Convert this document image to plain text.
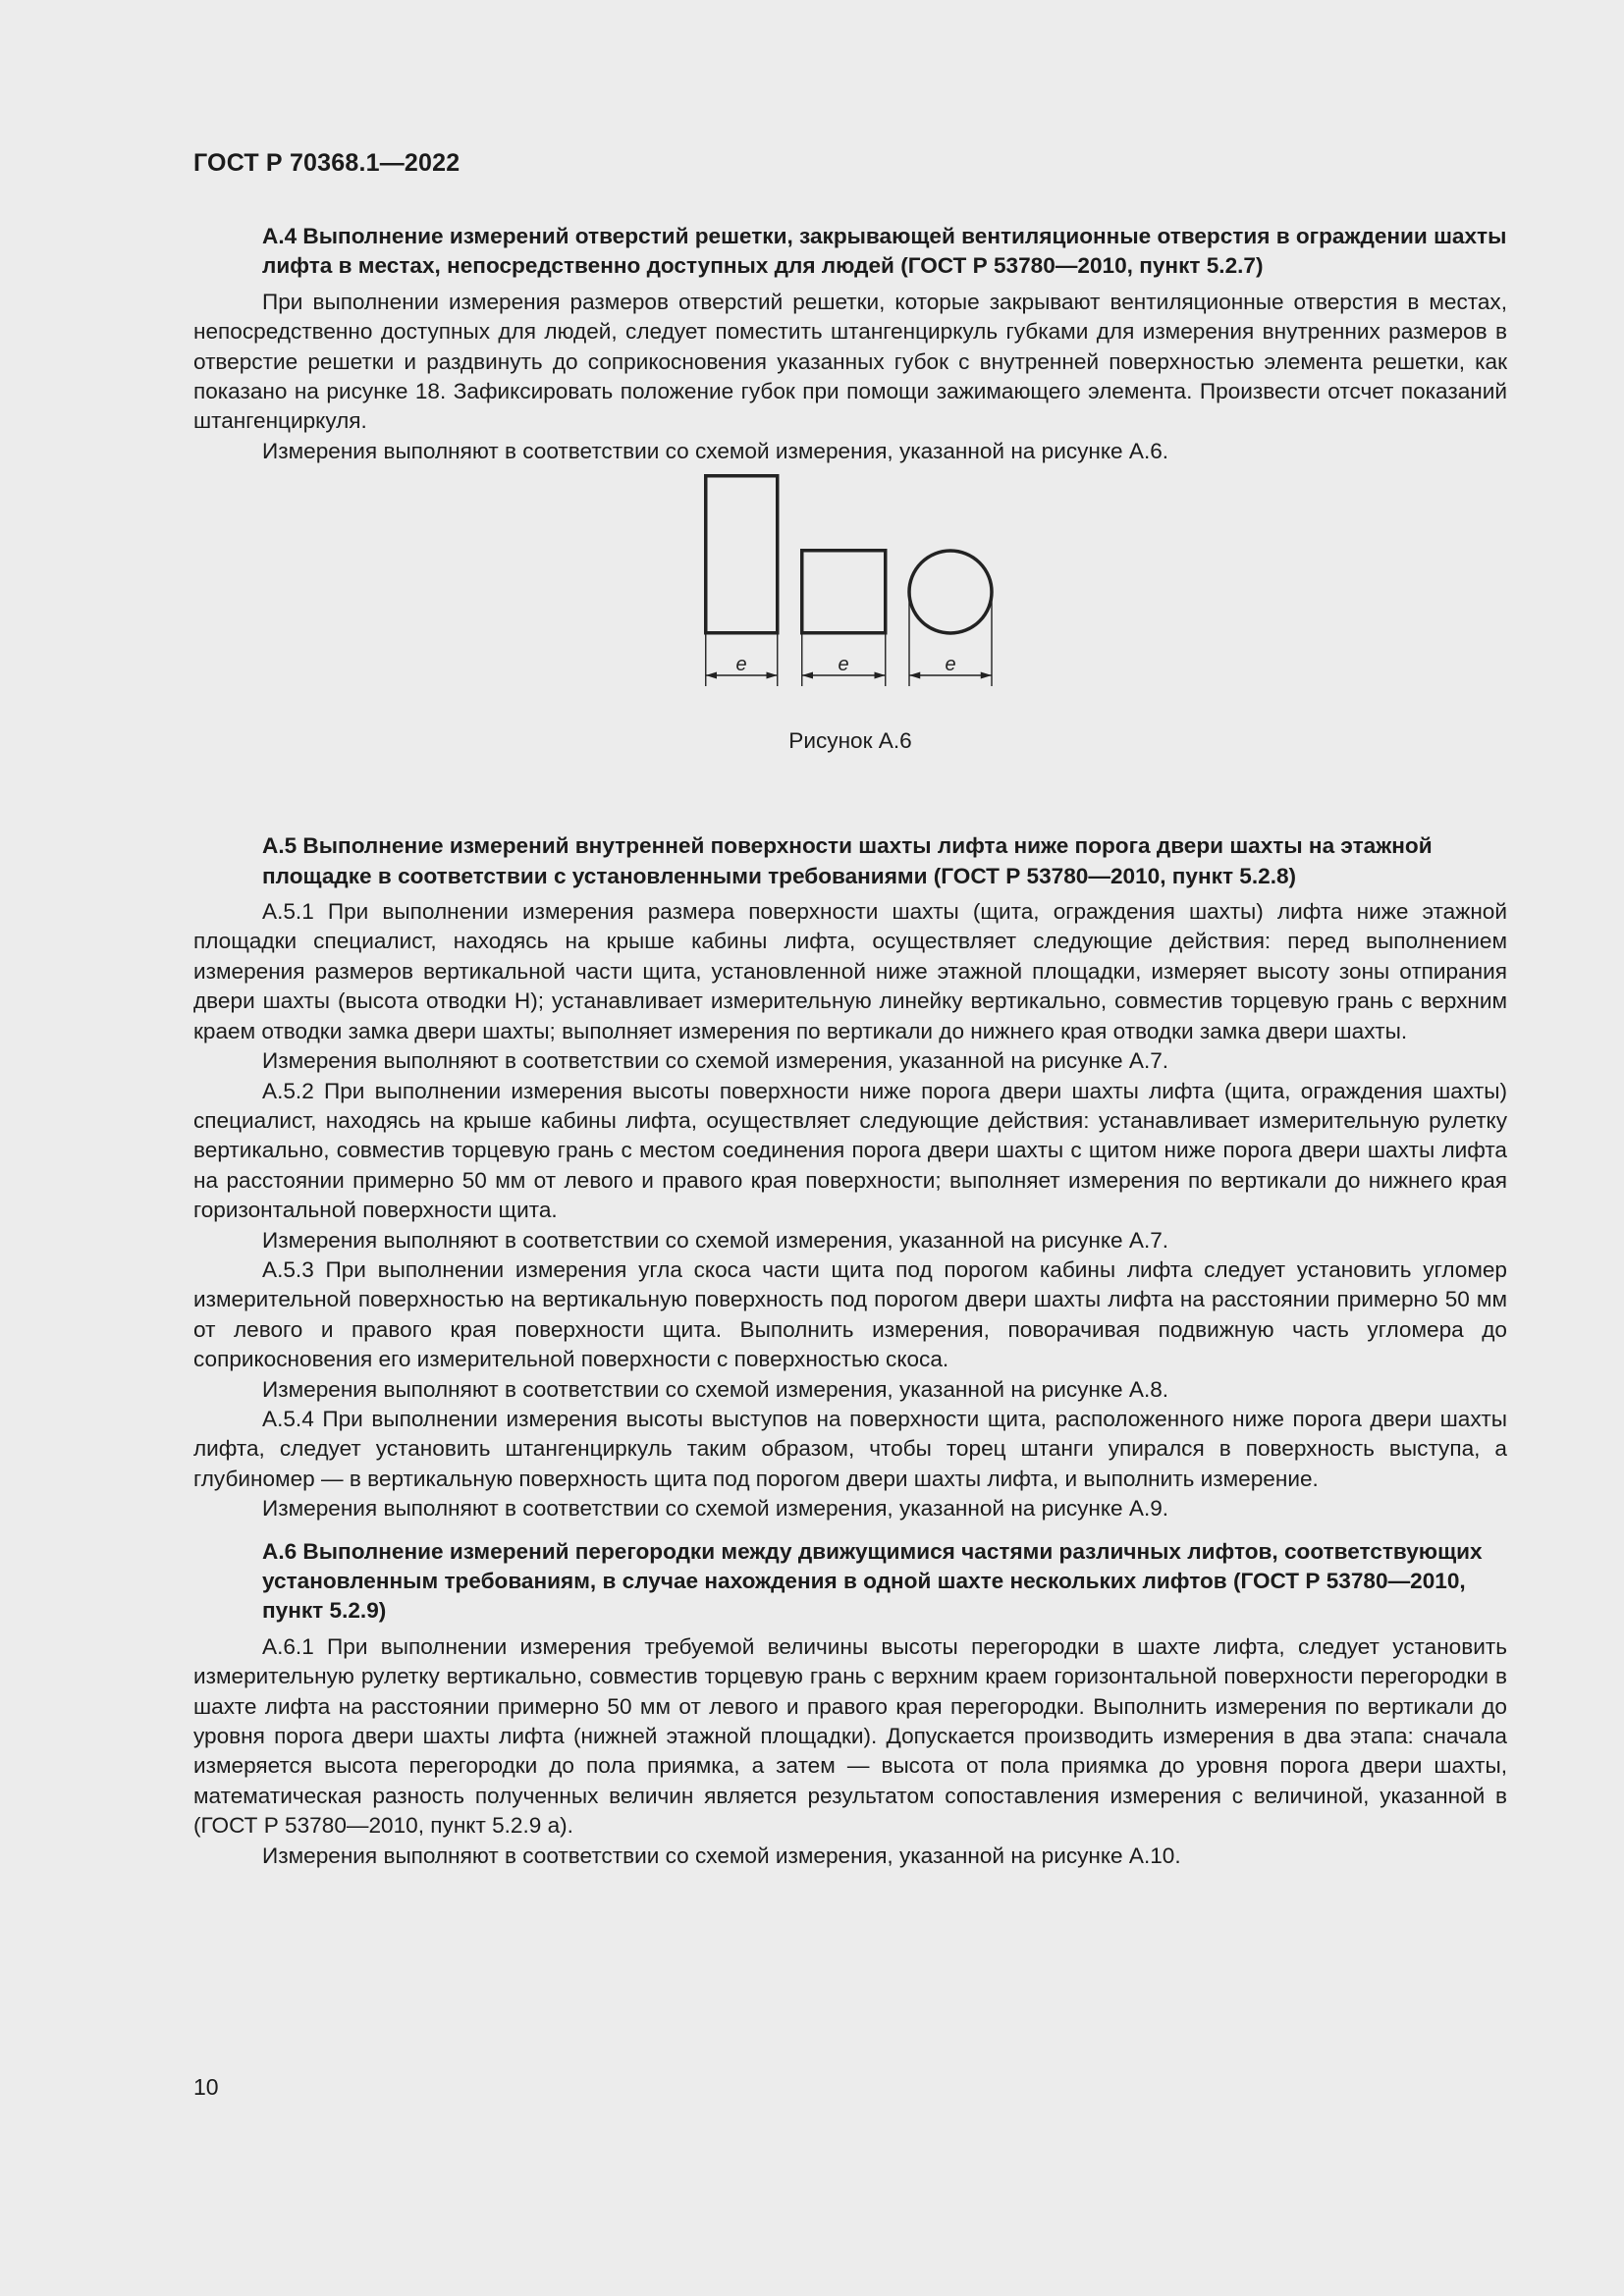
ГОСТ Р 70368.1—2022
А.4 Выполнение измерений отверстий решетки, закрывающей вентиляционные отверстия в ограждении шахты лифта в местах, непосредственно доступных для людей (ГОСТ Р 53780—2010, пункт 5.2.7)

При выполнении измерения размеров отверстий решетки, которые закрывают вентиляционные отверстия в местах, непосредственно доступных для людей, следует поместить штангенциркуль губками для измерения внутренних размеров в отверстие решетки и раздвинуть до соприкосновения указанных губок с внутренней поверхностью элемента решетки, как показано на рисунке 18. Зафиксировать положение губок при помощи зажимающего элемента. Произвести отсчет показаний штангенциркуля.

Измерения выполняют в соответствии со схемой измерения, указанной на рисунке А.6.

e	e	e
Рисунок А.6
А.5 Выполнение измерений внутренней поверхности шахты лифта ниже порога двери шахты на этажной площадке в соответствии с установленными требованиями (ГОСТ Р 53780—2010, пункт 5.2.8)

А.5.1 При выполнении измерения размера поверхности шахты (щита, ограждения шахты) лифта ниже этажной площадки специалист, находясь на крыше кабины лифта, осуществляет следующие действия: перед выполнением измерения размеров вертикальной части щита, установленной ниже этажной площадки, измеряет высоту зоны отпирания двери шахты (высота отводки Н); устанавливает измерительную линейку вертикально, совместив торцевую грань с верхним краем отводки замка двери шахты; выполняет измерения по вертикали до нижнего края отводки замка двери шахты.

Измерения выполняют в соответствии со схемой измерения, указанной на рисунке А.7.

А.5.2 При выполнении измерения высоты поверхности ниже порога двери шахты лифта (щита, ограждения шахты) специалист, находясь на крыше кабины лифта, осуществляет следующие действия: устанавливает измерительную рулетку вертикально, совместив торцевую грань с местом соединения порога двери шахты с щитом ниже порога двери шахты лифта на расстоянии примерно 50 мм от левого и правого края поверхности; выполняет измерения по вертикали до нижнего края горизонтальной поверхности щита.

Измерения выполняют в соответствии со схемой измерения, указанной на рисунке А.7.

А.5.3 При выполнении измерения угла скоса части щита под порогом кабины лифта следует установить угломер измерительной поверхностью на вертикальную поверхность под порогом двери шахты лифта на расстоянии примерно 50 мм от левого и правого края поверхности щита. Выполнить измерения, поворачивая подвижную часть угломера до соприкосновения его измерительной поверхности с поверхностью скоса.

Измерения выполняют в соответствии со схемой измерения, указанной на рисунке А.8.

А.5.4 При выполнении измерения высоты выступов на поверхности щита, расположенного ниже порога двери шахты лифта, следует установить штангенциркуль таким образом, чтобы торец штанги упирался в поверхность выступа, а глубиномер — в вертикальную поверхность щита под порогом двери шахты лифта, и выполнить измерение.

Измерения выполняют в соответствии со схемой измерения, указанной на рисунке А.9.

А.6 Выполнение измерений перегородки между движущимися частями различных лифтов, соответствующих установленным требованиям, в случае нахождения в одной шахте нескольких лифтов (ГОСТ Р 53780—2010, пункт 5.2.9)

А.6.1 При выполнении измерения требуемой величины высоты перегородки в шахте лифта, следует установить измерительную рулетку вертикально, совместив торцевую грань с верхним краем горизонтальной поверхности перегородки в шахте лифта на расстоянии примерно 50 мм от левого и правого края перегородки. Выполнить измерения по вертикали до уровня порога двери шахты лифта (нижней этажной площадки). Допускается производить измерения в два этапа: сначала измеряется высота перегородки до пола приямка, а затем — высота от пола приямка до уровня порога двери шахты, математическая разность полученных величин является результатом сопоставления измерения с величиной, указанной в (ГОСТ Р 53780—2010, пункт 5.2.9 а).

Измерения выполняют в соответствии со схемой измерения, указанной на рисунке А.10.

10
